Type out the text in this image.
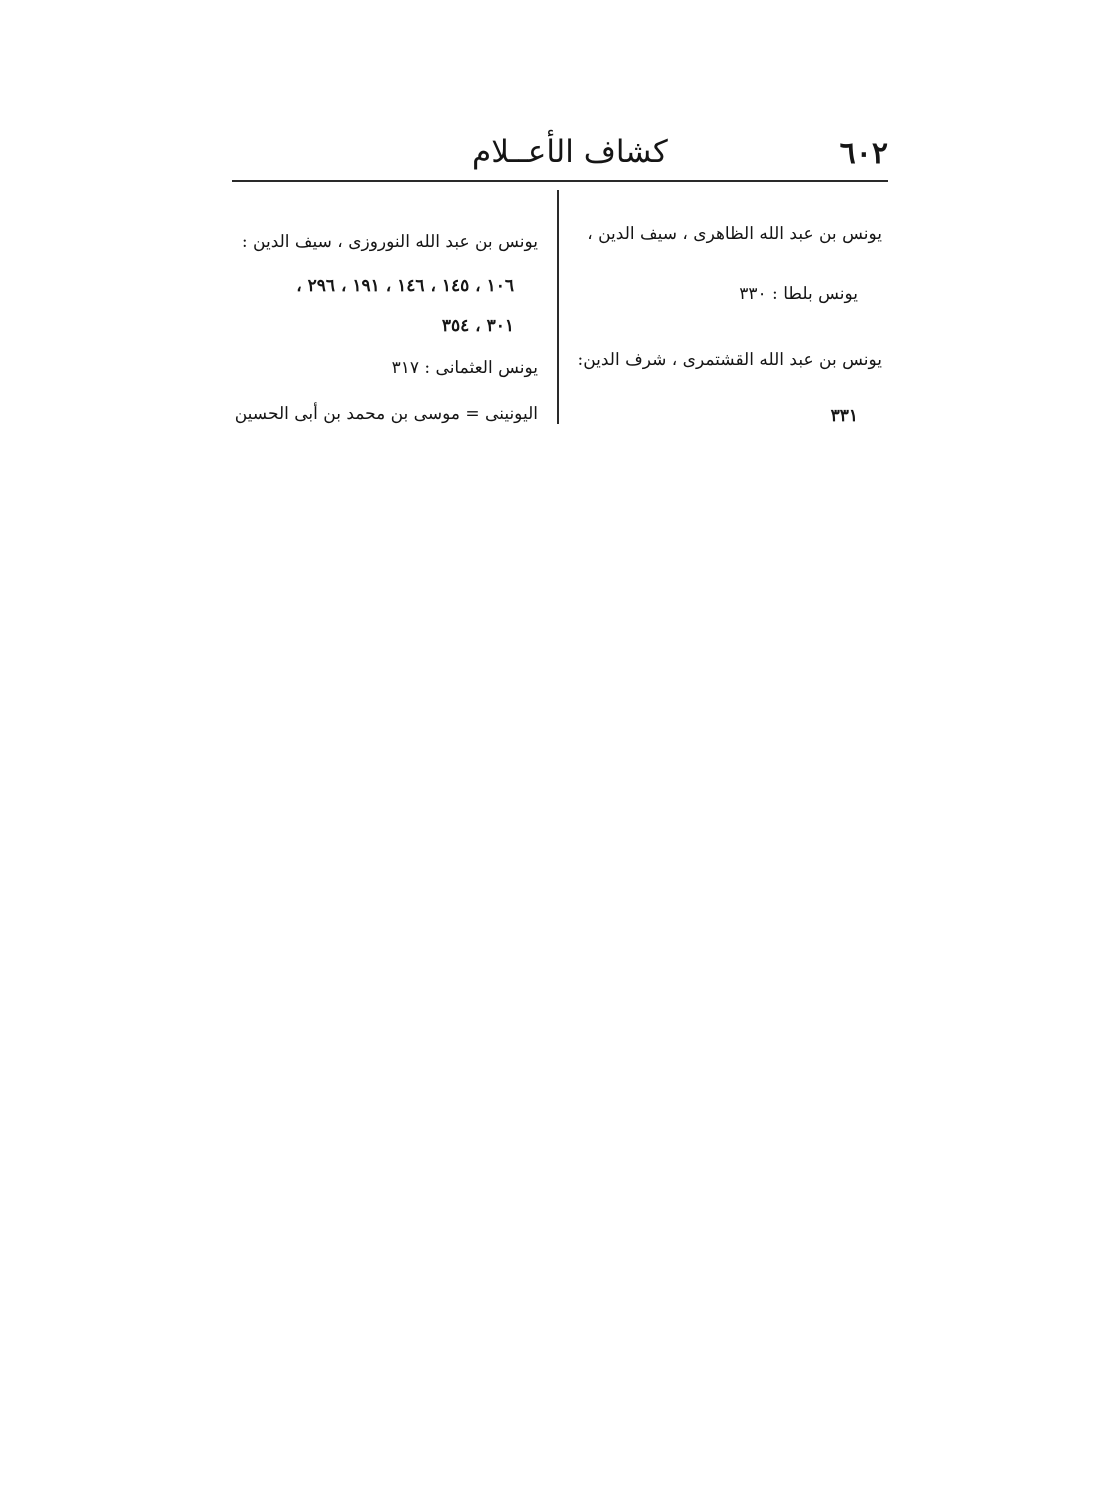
٦٠٢
كشاف الأعــلام
يونس بن عبد الله الظاهرى ، سيف الدين ،
يونس بلطا : ٣٣٠
يونس بن عبد الله القشتمرى ، شرف الدين:
٣٣١
يونس بن عبد الله النوروزى ، سيف الدين :
١٠٦ ، ١٤٥ ، ١٤٦ ، ١٩١ ، ٢٩٦ ،
٣٠١ ، ٣٥٤
يونس العثمانى : ٣١٧
اليونينى = موسى بن محمد بن أبى الحسين
